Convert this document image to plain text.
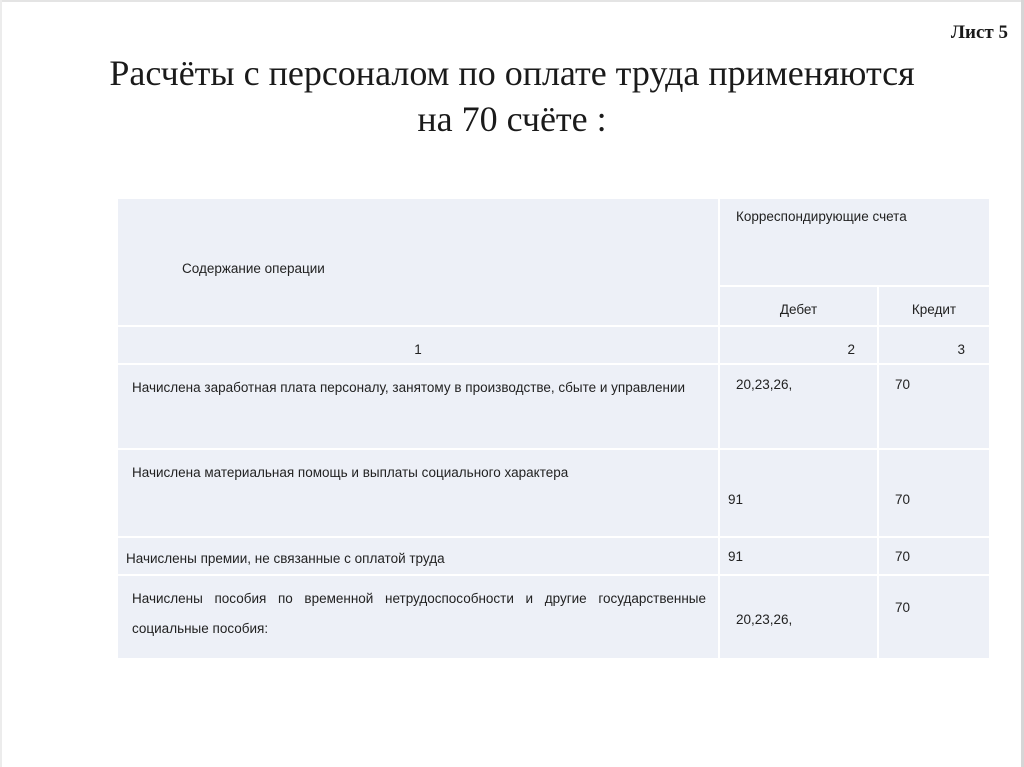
Лист 5
Расчёты с персоналом по оплате труда применяются
на 70 счёте :
Содержание операции	Корреспондирующие счета	

	Дебет	Кредит

1	2	3

Начислена заработная плата персоналу, занятому в производстве, сбыте и управлении	20,23,26,	70

Начислена материальная помощь и выплаты социального характера	91	70

Начислены премии, не связанные с оплатой труда	91	70

Начислены пособия по временной нетрудоспособности и другие государственные социальные пособия:	20,23,26,	70
